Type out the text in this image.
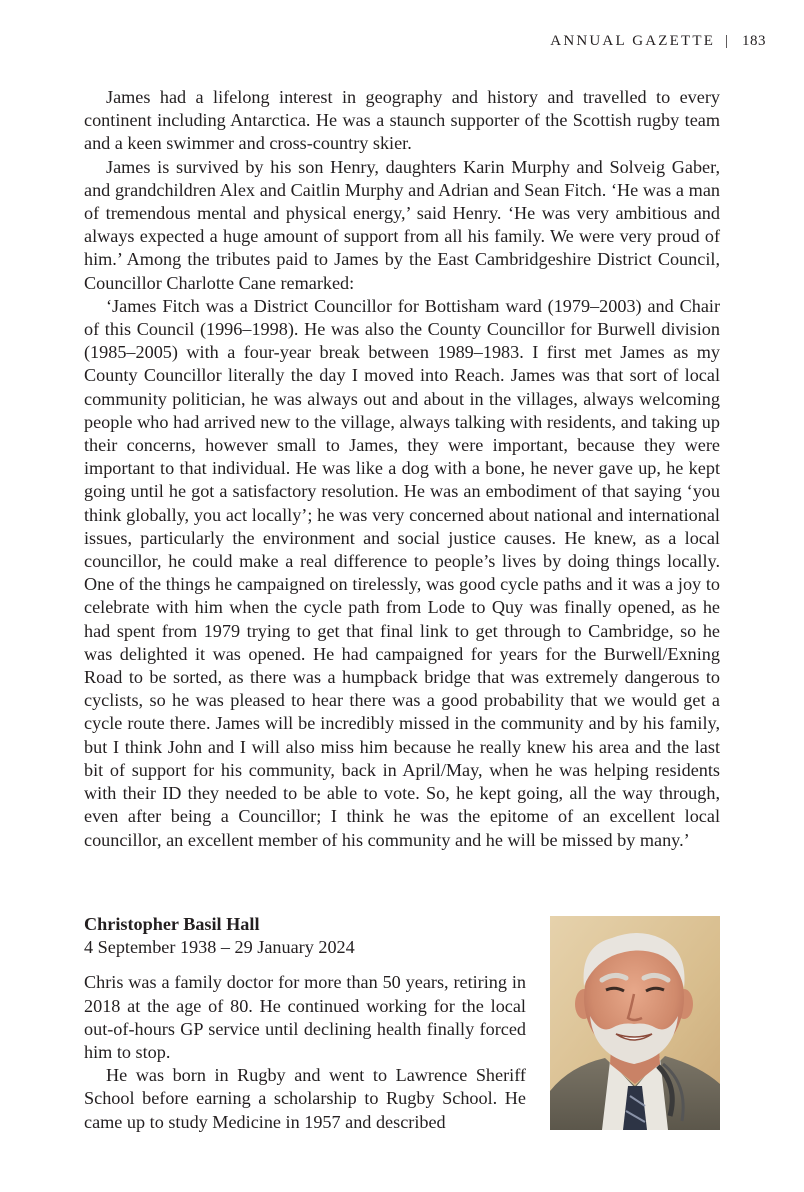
ANNUAL GAZETTE | 183

James had a lifelong interest in geography and history and travelled to every continent including Antarctica. He was a staunch supporter of the Scottish rugby team and a keen swimmer and cross-country skier.

James is survived by his son Henry, daughters Karin Murphy and Solveig Gaber, and grandchildren Alex and Caitlin Murphy and Adrian and Sean Fitch. ‘He was a man of tremendous mental and physical energy,’ said Henry. ‘He was very ambitious and always expected a huge amount of support from all his family. We were very proud of him.’ Among the tributes paid to James by the East Cambridgeshire District Council, Councillor Charlotte Cane remarked:

‘James Fitch was a District Councillor for Bottisham ward (1979–2003) and Chair of this Council (1996–1998). He was also the County Councillor for Burwell division (1985–2005) with a four-year break between 1989–1983. I first met James as my County Councillor literally the day I moved into Reach. James was that sort of local community politician, he was always out and about in the villages, always welcoming people who had arrived new to the village, always talking with residents, and taking up their concerns, however small to James, they were important, because they were important to that individual. He was like a dog with a bone, he never gave up, he kept going until he got a satisfactory resolution. He was an embodiment of that saying ‘you think globally, you act locally’; he was very concerned about national and international issues, particularly the environment and social justice causes. He knew, as a local councillor, he could make a real difference to people’s lives by doing things locally. One of the things he campaigned on tirelessly, was good cycle paths and it was a joy to celebrate with him when the cycle path from Lode to Quy was finally opened, as he had spent from 1979 trying to get that final link to get through to Cambridge, so he was delighted it was opened. He had campaigned for years for the Burwell/Exning Road to be sorted, as there was a humpback bridge that was extremely dangerous to cyclists, so he was pleased to hear there was a good probability that we would get a cycle route there. James will be incredibly missed in the community and by his family, but I think John and I will also miss him because he really knew his area and the last bit of support for his community, back in April/May, when he was helping residents with their ID they needed to be able to vote. So, he kept going, all the way through, even after being a Councillor; I think he was the epitome of an excellent local councillor, an excellent member of his community and he will be missed by many.’

Christopher Basil Hall
4 September 1938 – 29 January 2024

Chris was a family doctor for more than 50 years, retiring in 2018 at the age of 80. He continued working for the local out-of-hours GP service until declining health finally forced him to stop.

He was born in Rugby and went to Lawrence Sheriff School before earning a scholarship to Rugby School. He came up to study Medicine in 1957 and described
